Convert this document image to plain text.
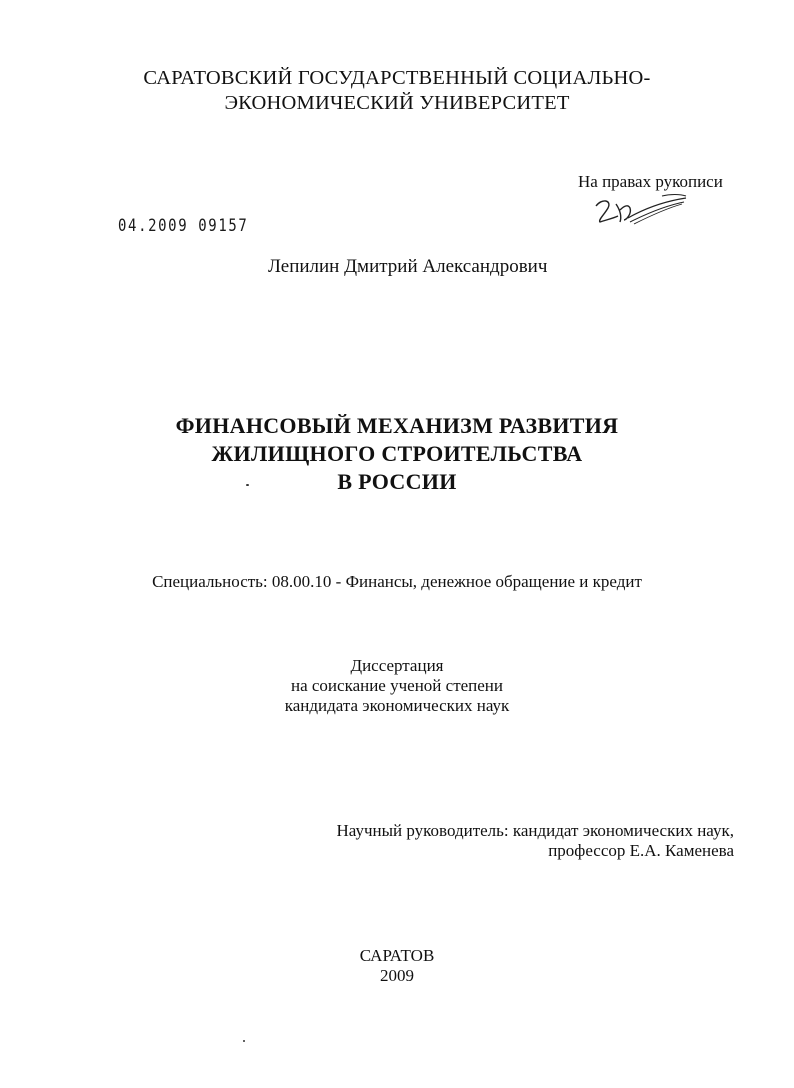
САРАТОВСКИЙ ГОСУДАРСТВЕННЫЙ СОЦИАЛЬНО-
ЭКОНОМИЧЕСКИЙ УНИВЕРСИТЕТ
На правах рукописи
04.2009 09157
Лепилин Дмитрий Александрович
ФИНАНСОВЫЙ МЕХАНИЗМ РАЗВИТИЯ
ЖИЛИЩНОГО СТРОИТЕЛЬСТВА
В РОССИИ
Специальность: 08.00.10 - Финансы, денежное обращение и кредит
Диссертация
на соискание ученой степени
кандидата экономических наук
Научный руководитель: кандидат экономических наук,
профессор Е.А. Каменева
САРАТОВ
2009
